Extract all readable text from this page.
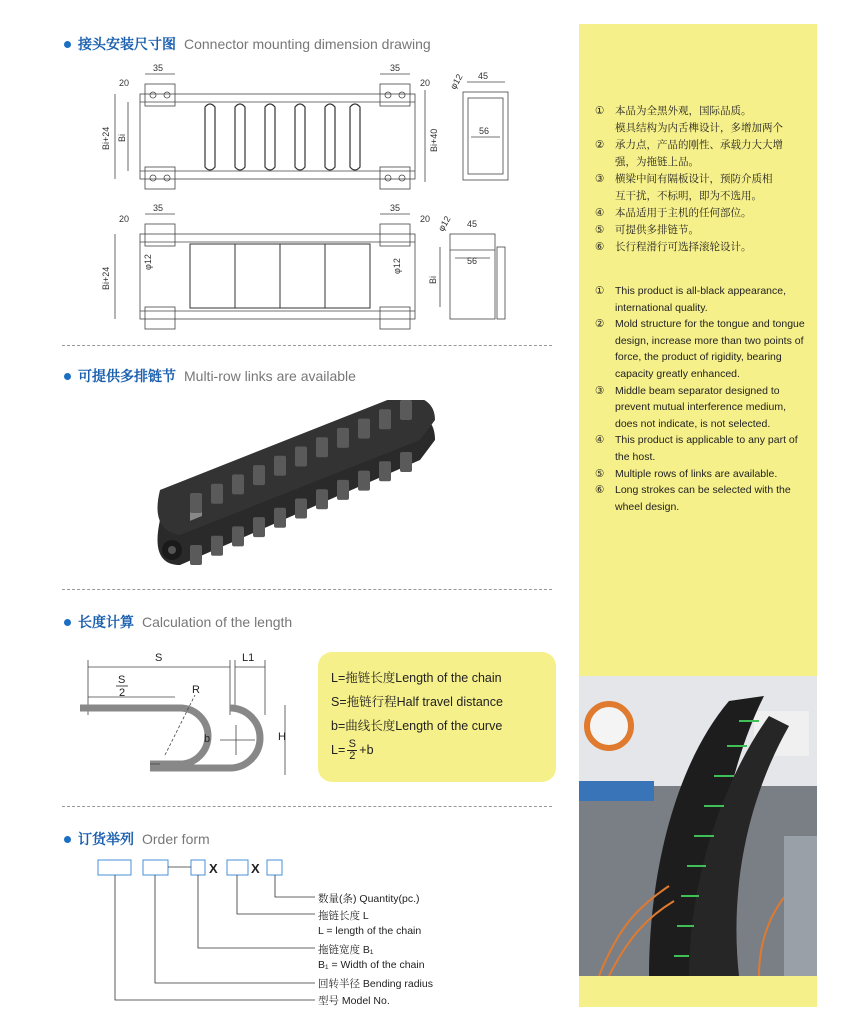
接头安装尺寸图 Connector mounting dimension drawing
20
35	35
20
Bi+24 Bi	Bi+40
φ12 45
56
20
35	35
20
Bi+24
φ12	φ12
φ12 45
56
Bi
可提供多排链节 Multi-row links are available
长度计算 Calculation of the length
S
S
2
L1
R
b	H
L=拖链长度Length of the chain
S=拖链行程Half travel distance
b=曲线长度Length of the curve
$L= \frac{S}{2} +b$
订货举列 Order form
X	X
数量(条) Quantity(pc.)
拖链长度 L
L = length of the chain
拖链宽度 B₁
B₁ = Width of the chain
回转半径 Bending radius
型号 Model No.
①	本品为全黑外观，国际品质。
模具结构为内舌榫设计，多增加两个
②	承力点，产品的刚性、承载力大大增
强，为拖链上品。
③	横梁中间有隔板设计，预防介质相
互干扰，不标明，即为不选用。
④	本品适用于主机的任何部位。
⑤	可提供多排链节。
⑥	长行程滑行可选择滚轮设计。
①	This product is all-black appearance, international quality.
②	Mold structure for the tongue and tongue design, increase more than two points of force, the product of rigidity, bearing capacity greatly enhanced.
③	Middle beam separator designed to prevent mutual interference medium, does not indicate, is not selected.
④	This product is applicable to any part of the host.
⑤	Multiple rows of links are available.
⑥	Long strokes can be selected with the wheel design.
